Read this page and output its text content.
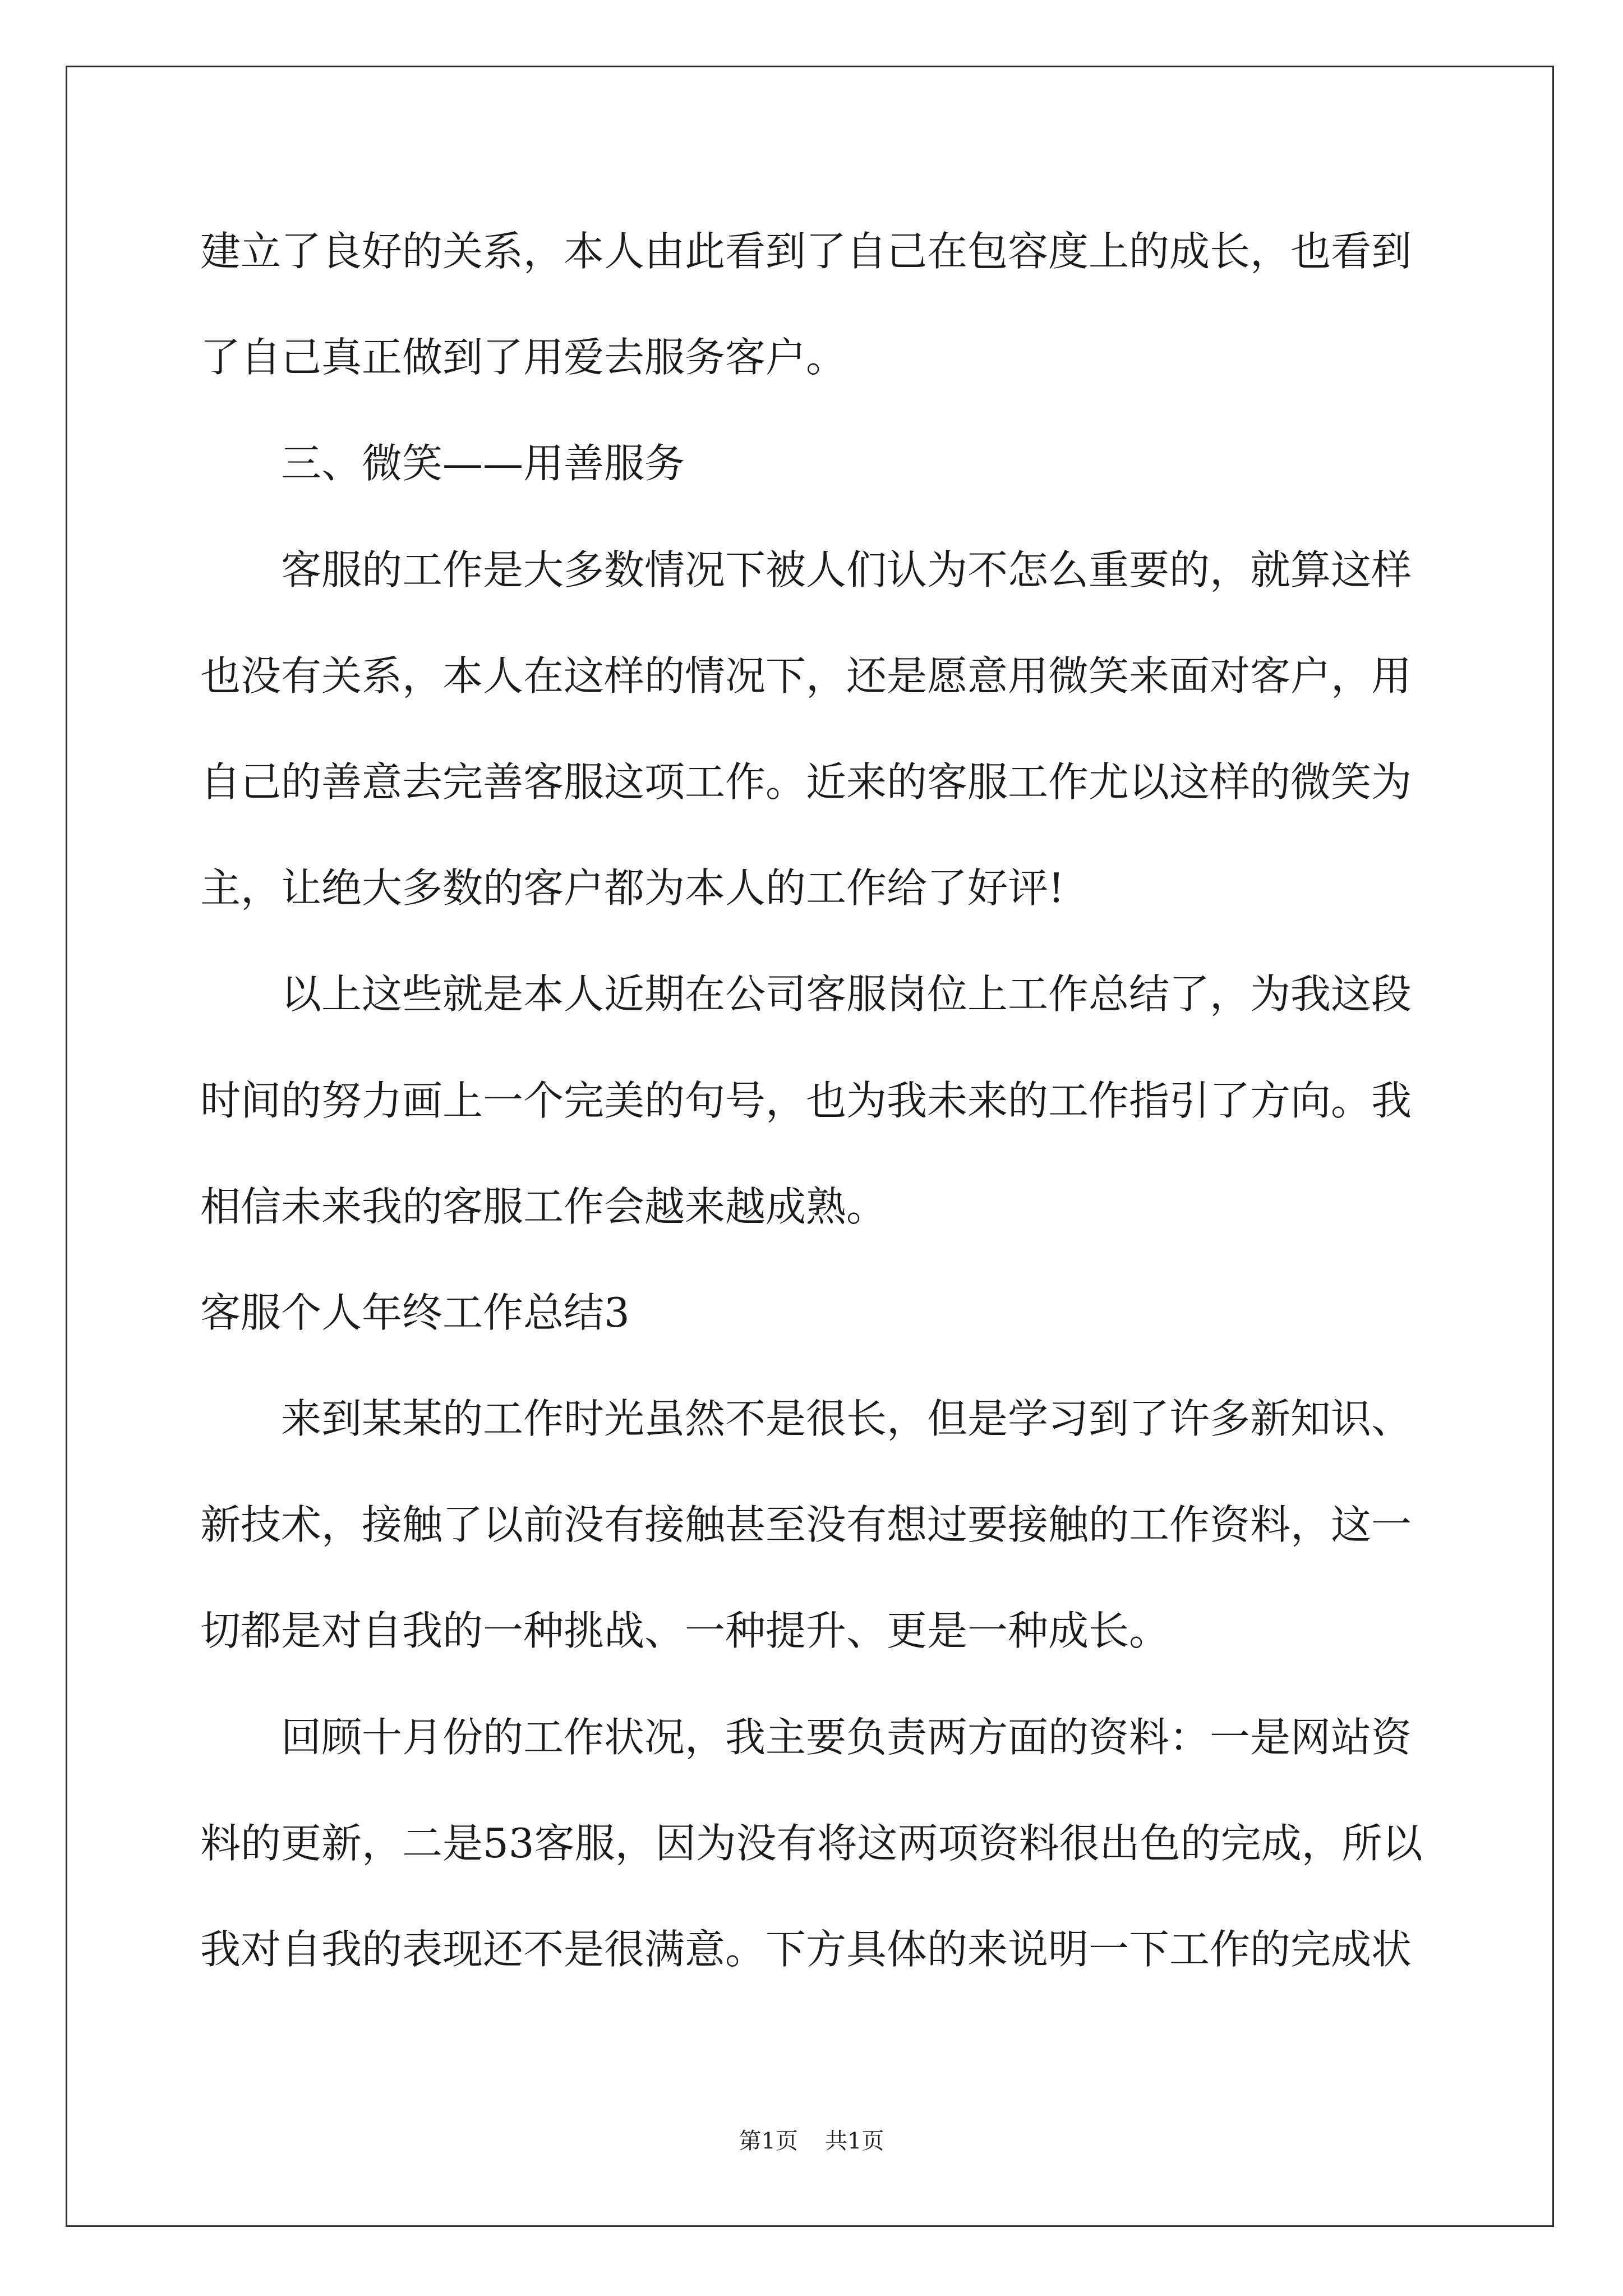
建立了良好的关系，本人由此看到了自己在包容度上的成长，也看到
了自己真正做到了用爱去服务客户。
三、微笑——用善服务
客服的工作是大多数情况下被人们认为不怎么重要的，就算这样
也没有关系，本人在这样的情况下，还是愿意用微笑来面对客户，用
自己的善意去完善客服这项工作。近来的客服工作尤以这样的微笑为
主，让绝大多数的客户都为本人的工作给了好评!
以上这些就是本人近期在公司客服岗位上工作总结了，为我这段
时间的努力画上一个完美的句号，也为我未来的工作指引了方向。我
相信未来我的客服工作会越来越成熟。
客服个人年终工作总结3
来到某某的工作时光虽然不是很长，但是学习到了许多新知识、
新技术，接触了以前没有接触甚至没有想过要接触的工作资料，这一
切都是对自我的一种挑战、一种提升、更是一种成长。
回顾十月份的工作状况，我主要负责两方面的资料：一是网站资
料的更新，二是53客服，因为没有将这两项资料很出色的完成，所以
我对自我的表现还不是很满意。下方具体的来说明一下工作的完成状
第1页 共1页
